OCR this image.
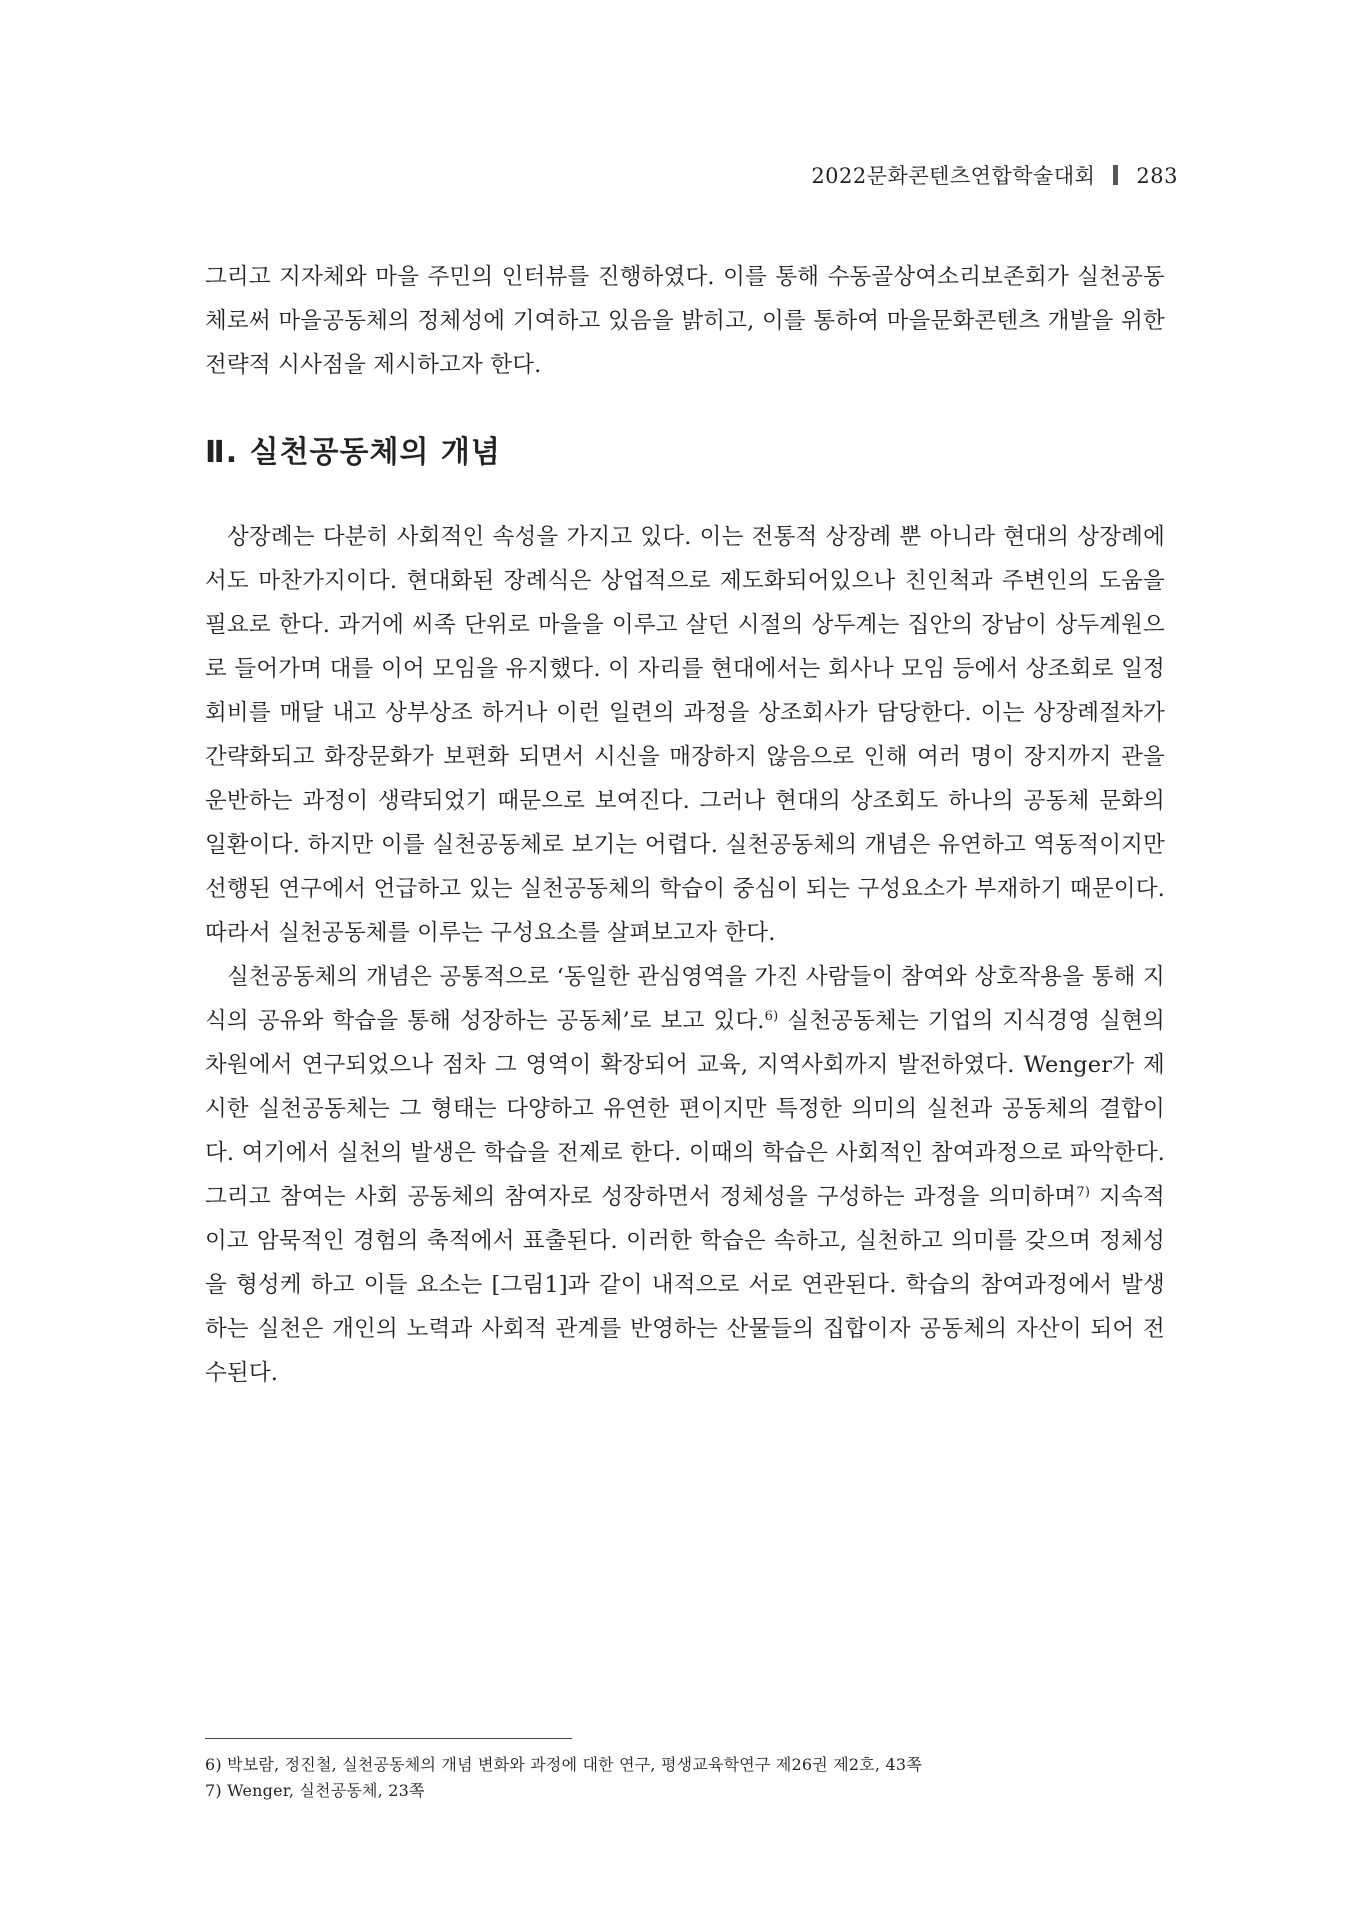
2022문화콘텐츠연합학술대회 283

그리고 지자체와 마을 주민의 인터뷰를 진행하였다. 이를 통해 수동골상여소리보존회가 실천공동체로써 마을공동체의 정체성에 기여하고 있음을 밝히고, 이를 통하여 마을문화콘텐츠 개발을 위한 전략적 시사점을 제시하고자 한다.

Ⅱ. 실천공동체의 개념

상장례는 다분히 사회적인 속성을 가지고 있다. 이는 전통적 상장례 뿐 아니라 현대의 상장례에서도 마찬가지이다. 현대화된 장례식은 상업적으로 제도화되어있으나 친인척과 주변인의 도움을 필요로 한다. 과거에 씨족 단위로 마을을 이루고 살던 시절의 상두계는 집안의 장남이 상두계원으로 들어가며 대를 이어 모임을 유지했다. 이 자리를 현대에서는 회사나 모임 등에서 상조회로 일정 회비를 매달 내고 상부상조 하거나 이런 일련의 과정을 상조회사가 담당한다. 이는 상장례절차가 간략화되고 화장문화가 보편화 되면서 시신을 매장하지 않음으로 인해 여러 명이 장지까지 관을 운반하는 과정이 생략되었기 때문으로 보여진다. 그러나 현대의 상조회도 하나의 공동체 문화의 일환이다. 하지만 이를 실천공동체로 보기는 어렵다. 실천공동체의 개념은 유연하고 역동적이지만 선행된 연구에서 언급하고 있는 실천공동체의 학습이 중심이 되는 구성요소가 부재하기 때문이다. 따라서 실천공동체를 이루는 구성요소를 살펴보고자 한다.

실천공동체의 개념은 공통적으로 ‘동일한 관심영역을 가진 사람들이 참여와 상호작용을 통해 지식의 공유와 학습을 통해 성장하는 공동체’로 보고 있다.$^{6)}$ 실천공동체는 기업의 지식경영 실현의 차원에서 연구되었으나 점차 그 영역이 확장되어 교육, 지역사회까지 발전하였다. Wenger가 제시한 실천공동체는 그 형태는 다양하고 유연한 편이지만 특정한 의미의 실천과 공동체의 결합이다. 여기에서 실천의 발생은 학습을 전제로 한다. 이때의 학습은 사회적인 참여과정으로 파악한다. 그리고 참여는 사회 공동체의 참여자로 성장하면서 정체성을 구성하는 과정을 의미하며$^{7)}$ 지속적이고 암묵적인 경험의 축적에서 표출된다. 이러한 학습은 속하고, 실천하고 의미를 갖으며 정체성을 형성케 하고 이들 요소는 [그림1]과 같이 내적으로 서로 연관된다. 학습의 참여과정에서 발생하는 실천은 개인의 노력과 사회적 관계를 반영하는 산물들의 집합이자 공동체의 자산이 되어 전수된다.

6) 박보람, 정진철, 실천공동체의 개념 변화와 과정에 대한 연구, 평생교육학연구 제26권 제2호, 43쪽

7) Wenger, 실천공동체, 23쪽
